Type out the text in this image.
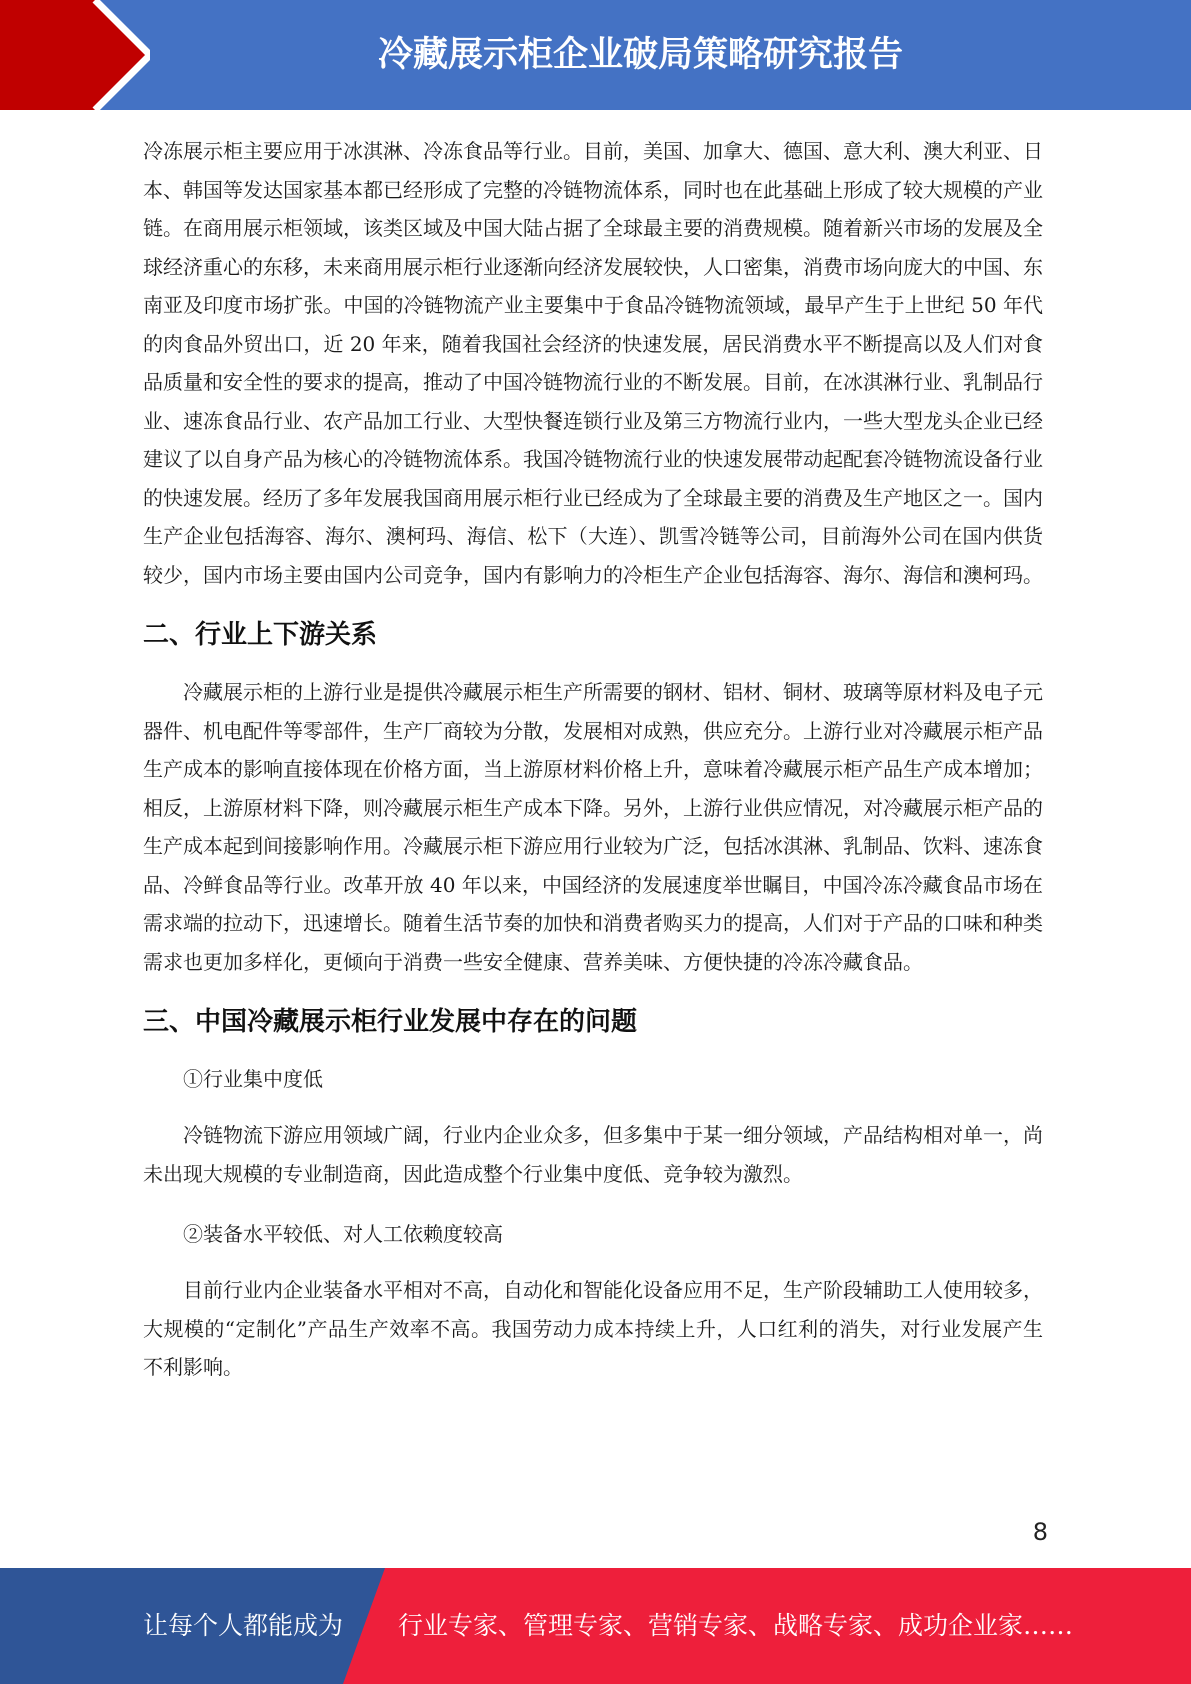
冷藏展示柜企业破局策略研究报告

冷冻展示柜主要应用于冰淇淋、冷冻食品等行业。目前，美国、加拿大、德国、意大利、澳大利亚、日本、韩国等发达国家基本都已经形成了完整的冷链物流体系，同时也在此基础上形成了较大规模的产业链。在商用展示柜领域，该类区域及中国大陆占据了全球最主要的消费规模。随着新兴市场的发展及全球经济重心的东移，未来商用展示柜行业逐渐向经济发展较快，人口密集，消费市场向庞大的中国、东南亚及印度市场扩张。中国的冷链物流产业主要集中于食品冷链物流领域，最早产生于上世纪 50 年代的肉食品外贸出口，近 20 年来，随着我国社会经济的快速发展，居民消费水平不断提高以及人们对食品质量和安全性的要求的提高，推动了中国冷链物流行业的不断发展。目前，在冰淇淋行业、乳制品行业、速冻食品行业、农产品加工行业、大型快餐连锁行业及第三方物流行业内，一些大型龙头企业已经建议了以自身产品为核心的冷链物流体系。我国冷链物流行业的快速发展带动起配套冷链物流设备行业的快速发展。经历了多年发展我国商用展示柜行业已经成为了全球最主要的消费及生产地区之一。国内生产企业包括海容、海尔、澳柯玛、海信、松下（大连）、凯雪冷链等公司，目前海外公司在国内供货较少，国内市场主要由国内公司竞争，国内有影响力的冷柜生产企业包括海容、海尔、海信和澳柯玛。

二、行业上下游关系

冷藏展示柜的上游行业是提供冷藏展示柜生产所需要的钢材、铝材、铜材、玻璃等原材料及电子元器件、机电配件等零部件，生产厂商较为分散，发展相对成熟，供应充分。上游行业对冷藏展示柜产品生产成本的影响直接体现在价格方面，当上游原材料价格上升，意味着冷藏展示柜产品生产成本增加；相反，上游原材料下降，则冷藏展示柜生产成本下降。另外，上游行业供应情况，对冷藏展示柜产品的生产成本起到间接影响作用。冷藏展示柜下游应用行业较为广泛，包括冰淇淋、乳制品、饮料、速冻食品、冷鲜食品等行业。改革开放 40 年以来，中国经济的发展速度举世瞩目，中国冷冻冷藏食品市场在需求端的拉动下，迅速增长。随着生活节奏的加快和消费者购买力的提高，人们对于产品的口味和种类需求也更加多样化，更倾向于消费一些安全健康、营养美味、方便快捷的冷冻冷藏食品。

三、中国冷藏展示柜行业发展中存在的问题

①行业集中度低

冷链物流下游应用领域广阔，行业内企业众多，但多集中于某一细分领域，产品结构相对单一，尚未出现大规模的专业制造商，因此造成整个行业集中度低、竞争较为激烈。

②装备水平较低、对人工依赖度较高

目前行业内企业装备水平相对不高，自动化和智能化设备应用不足，生产阶段辅助工人使用较多，大规模的“定制化”产品生产效率不高。我国劳动力成本持续上升，人口红利的消失，对行业发展产生不利影响。

8
让每个人都能成为 行业专家、管理专家、营销专家、战略专家、成功企业家……
